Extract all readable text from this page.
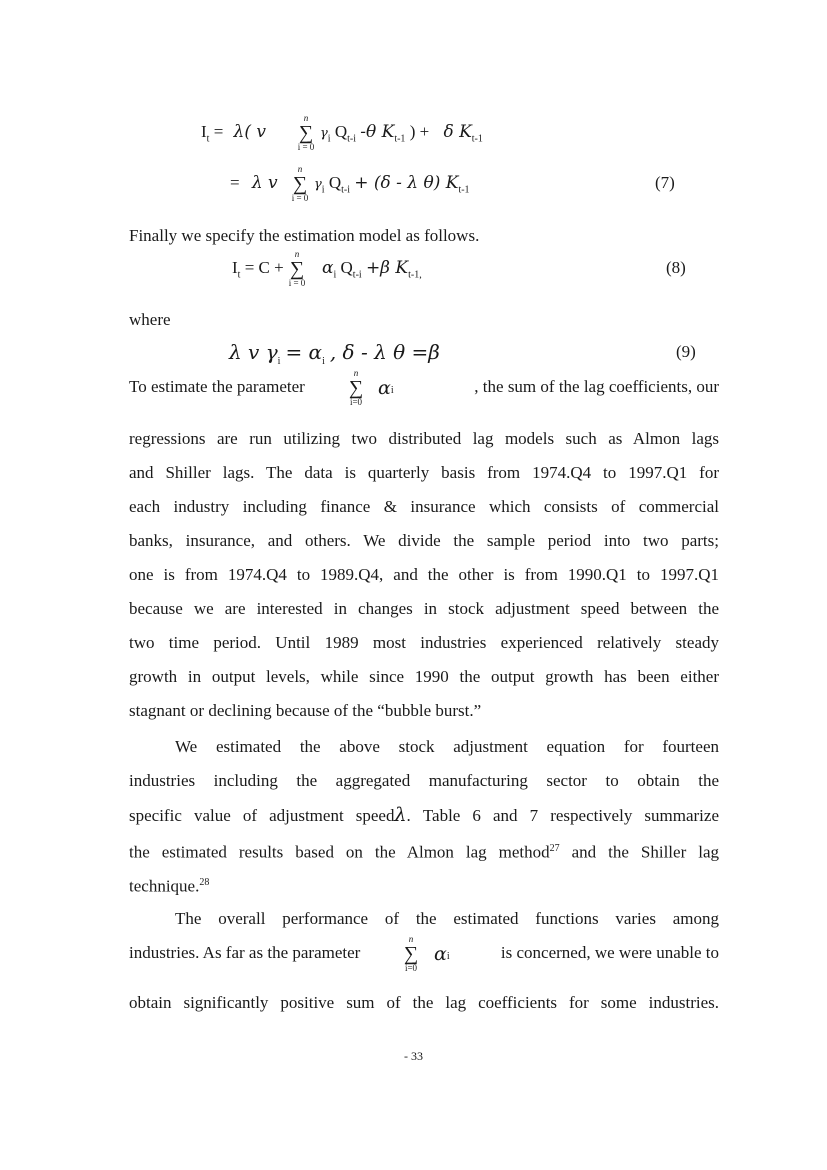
$I_t = \lambda$( v
n
∑
i = 0
$\gamma_i$ $Q_{t-i}$ -θ $K_{t-1}$ ) + δ $K_{t-1}$
= λ v
n
∑
i = 0
$\gamma_i$ $Q_{t-i} + (\delta - \lambda$ θ) $K_{t-1}$	(7)
Finally we specify the estimation model as follows.
$I_t = C$ +
n
∑
i = 0
$\alpha_i$ $Q_{t-i} +\beta$ $K_{t-1,}$	(8)
where
λ v $\gamma_i = \alpha_i$ , δ - λ θ =β	(9)
To estimate the parameter
n
∑
i=0
α i	, the sum of the lag coefficients, our
regressions are run utilizing two distributed lag models such as Almon lags
and Shiller lags. The data is quarterly basis from 1974.Q4 to 1997.Q1 for
each industry including finance & insurance which consists of commercial
banks, insurance, and others. We divide the sample period into two parts;
one is from 1974.Q4 to 1989.Q4, and the other is from 1990.Q1 to 1997.Q1
because we are interested in changes in stock adjustment speed between the
two time period. Until 1989 most industries experienced relatively steady
growth in output levels, while since 1990 the output growth has been either
stagnant or declining because of the “bubble burst.”
We estimated the above stock adjustment equation for fourteen
industries including the aggregated manufacturing sector to obtain the
specific value of adjustment speedλ. Table 6 and 7 respectively summarize
the estimated results based on the Almon lag method$^{27}$ and the Shiller lag
technique.$^{28}$
The overall performance of the estimated functions varies among
industries. As far as the parameter
n
∑
i=0
α i	is concerned, we were unable to
obtain significantly positive sum of the lag coefficients for some industries.
- 33
